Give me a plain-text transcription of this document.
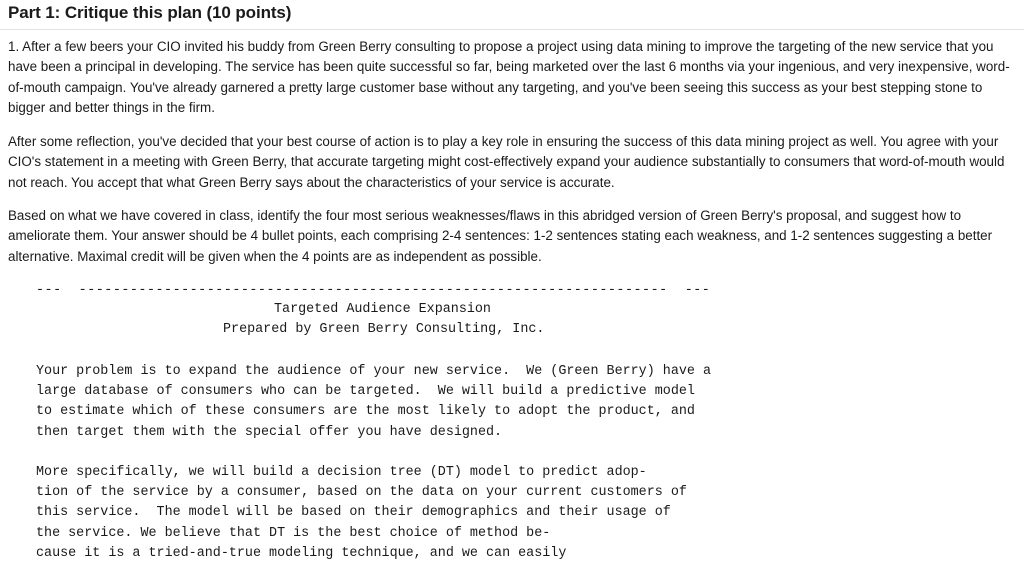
Part 1: Critique this plan (10 points)

1. After a few beers your CIO invited his buddy from Green Berry consulting to propose a project using data mining to improve the targeting of the new service that you have been a principal in developing. The service has been quite successful so far, being marketed over the last 6 months via your ingenious, and very inexpensive, word-of-mouth campaign. You've already garnered a pretty large customer base without any targeting, and you've been seeing this success as your best stepping stone to bigger and better things in the firm.

After some reflection, you've decided that your best course of action is to play a key role in ensuring the success of this data mining project as well. You agree with your CIO's statement in a meeting with Green Berry, that accurate targeting might cost-effectively expand your audience substantially to consumers that word-of-mouth would not reach. You accept that what Green Berry says about the characteristics of your service is accurate.

Based on what we have covered in class, identify the four most serious weaknesses/flaws in this abridged version of Green Berry's proposal, and suggest how to ameliorate them. Your answer should be 4 bullet points, each comprising 2-4 sentences: 1-2 sentences stating each weakness, and 1-2 sentences suggesting a better alternative. Maximal credit will be given when the 4 points are as independent as possible.

---  ---------------------------------------------------------------------  ---
Targeted Audience Expansion
Prepared by Green Berry Consulting, Inc.
Your problem is to expand the audience of your new service.  We (Green Berry) have a
large database of consumers who can be targeted.  We will build a predictive model
to estimate which of these consumers are the most likely to adopt the product, and
then target them with the special offer you have designed.
More specifically, we will build a decision tree (DT) model to predict adop-
tion of the service by a consumer, based on the data on your current customers of
this service.  The model will be based on their demographics and their usage of
the service. We believe that DT is the best choice of method be-
cause it is a tried-and-true modeling technique, and we can easily
